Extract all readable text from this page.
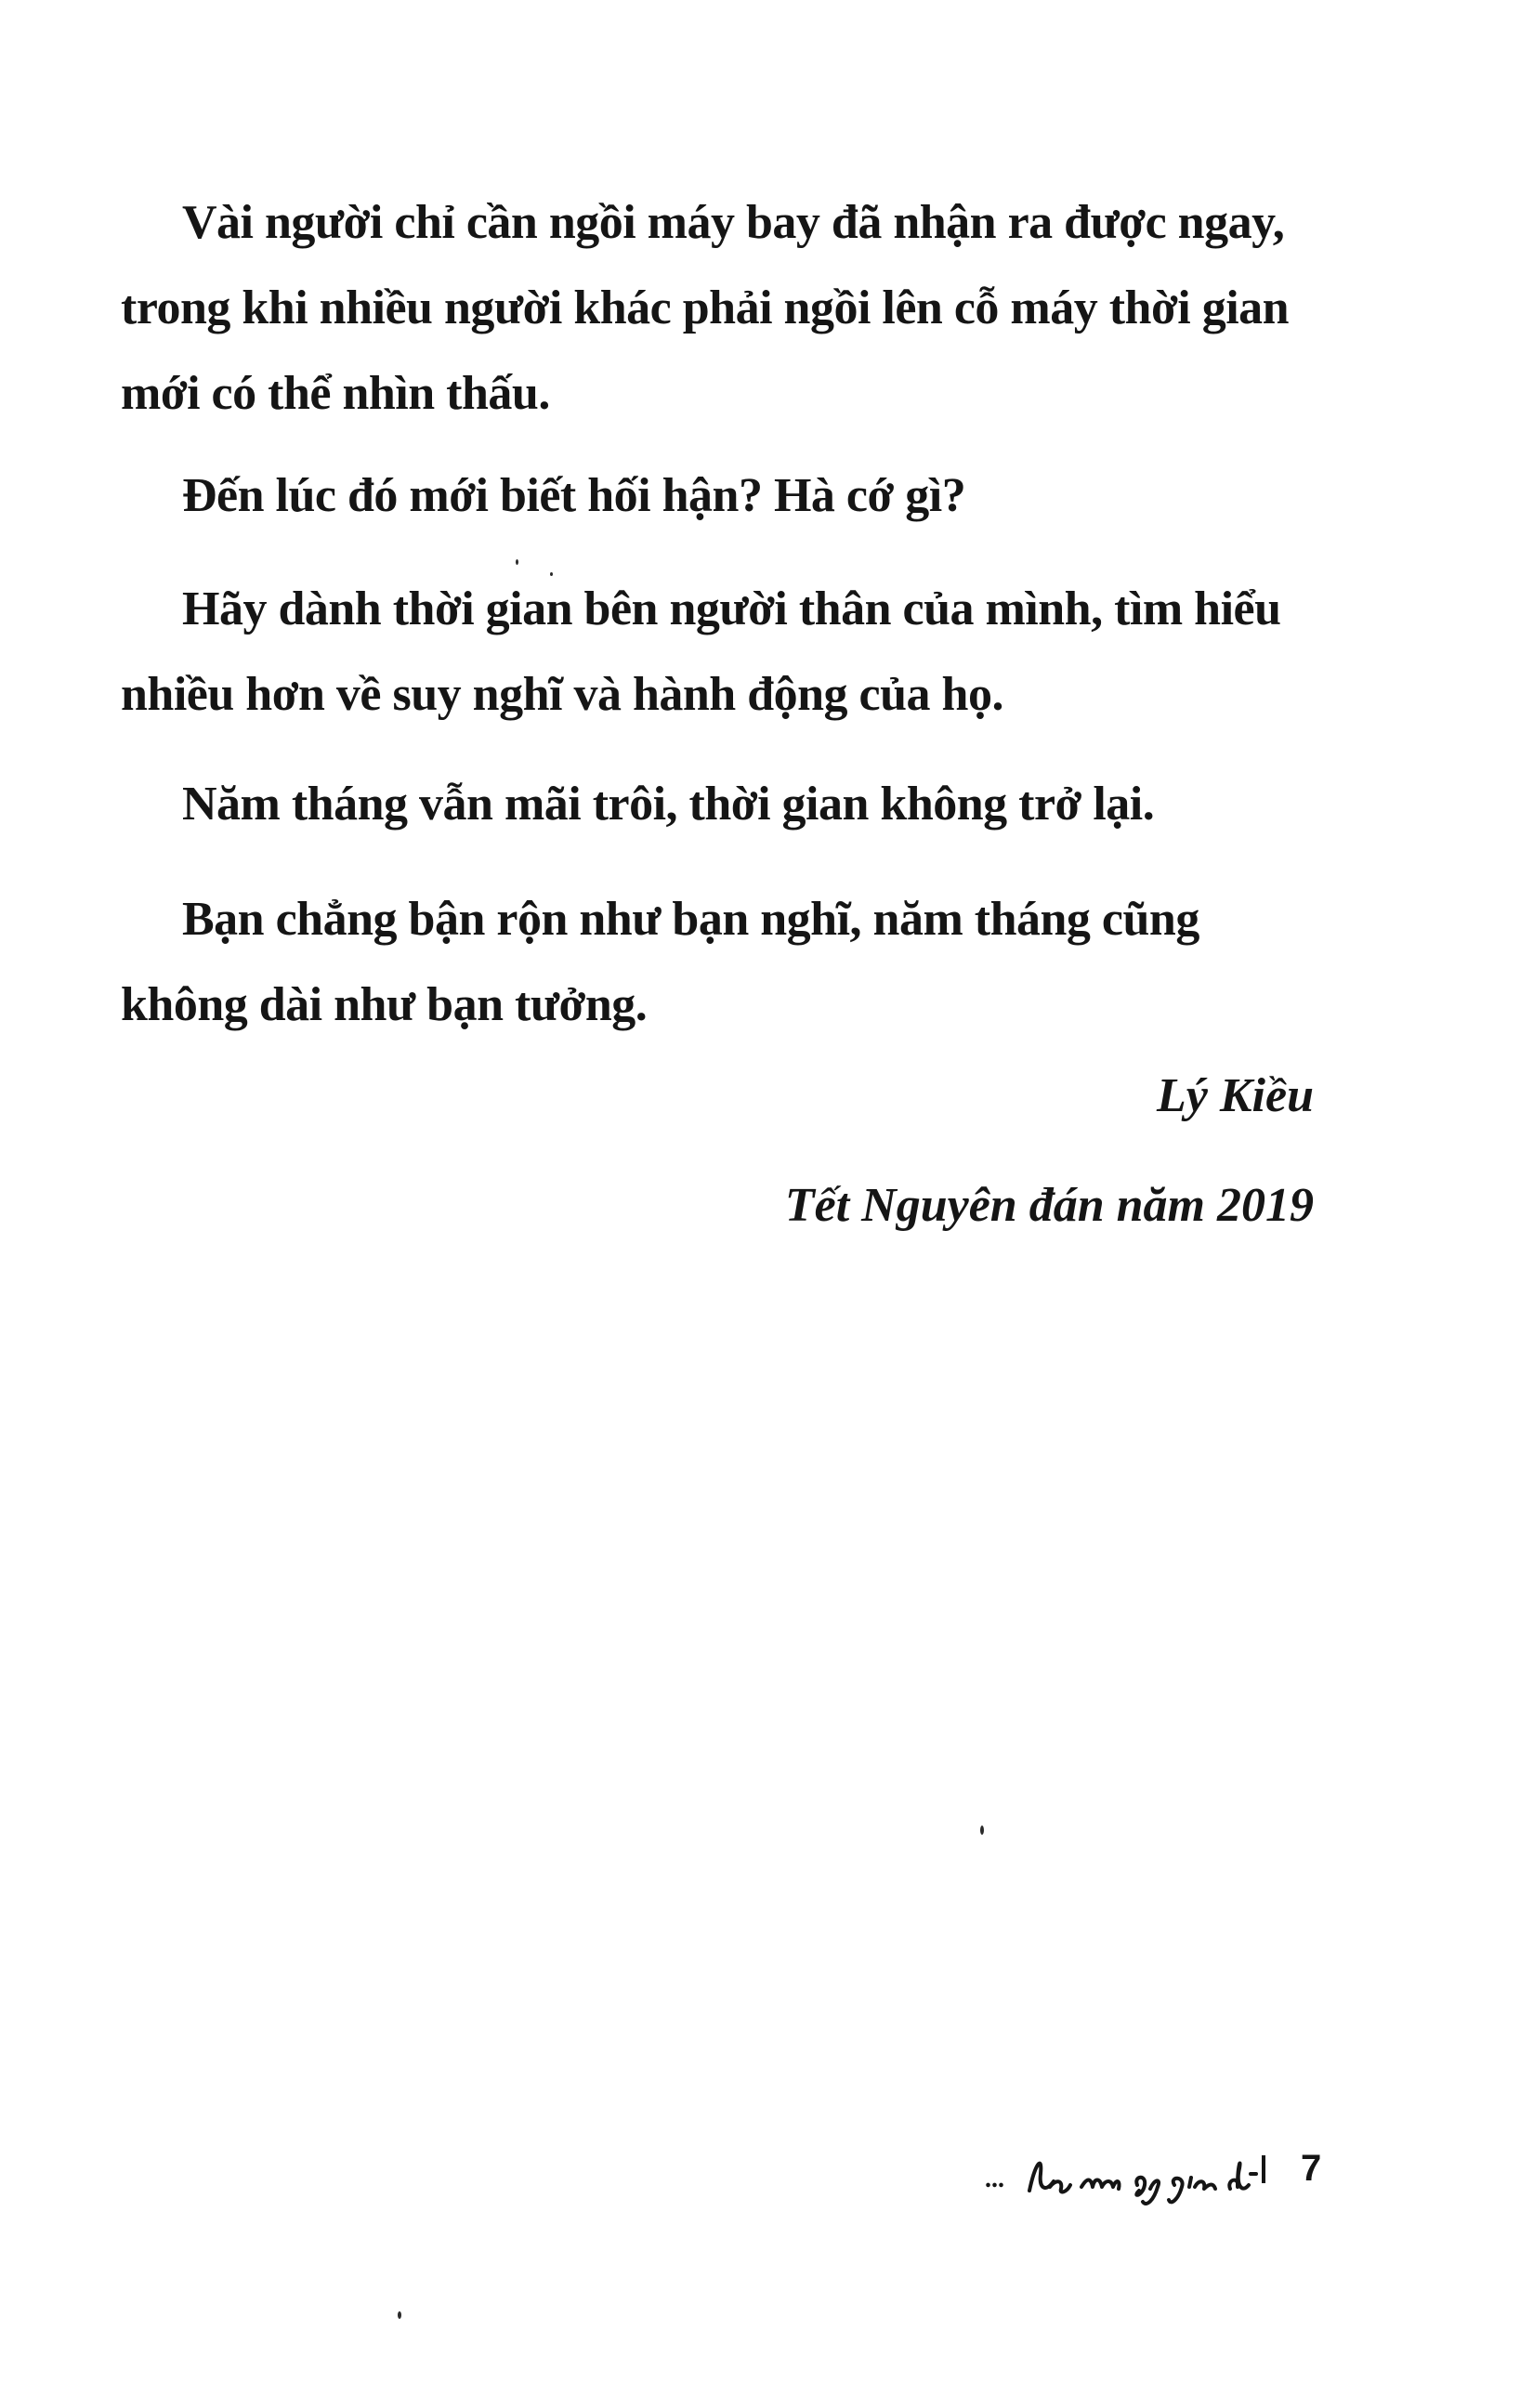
Vài người chỉ cần ngồi máy bay đã nhận ra được ngay, trong khi nhiều người khác phải ngồi lên cỗ máy thời gian mới có thể nhìn thấu.

Đến lúc đó mới biết hối hận? Hà cớ gì?

Hãy dành thời gian bên người thân của mình, tìm hiểu nhiều hơn về suy nghĩ và hành động của họ.

Năm tháng vẫn mãi trôi, thời gian không trở lại.

Bạn chẳng bận rộn như bạn nghĩ, năm tháng cũng không dài như bạn tưởng.

Lý Kiều

Tết Nguyên đán năm 2019

...	7
